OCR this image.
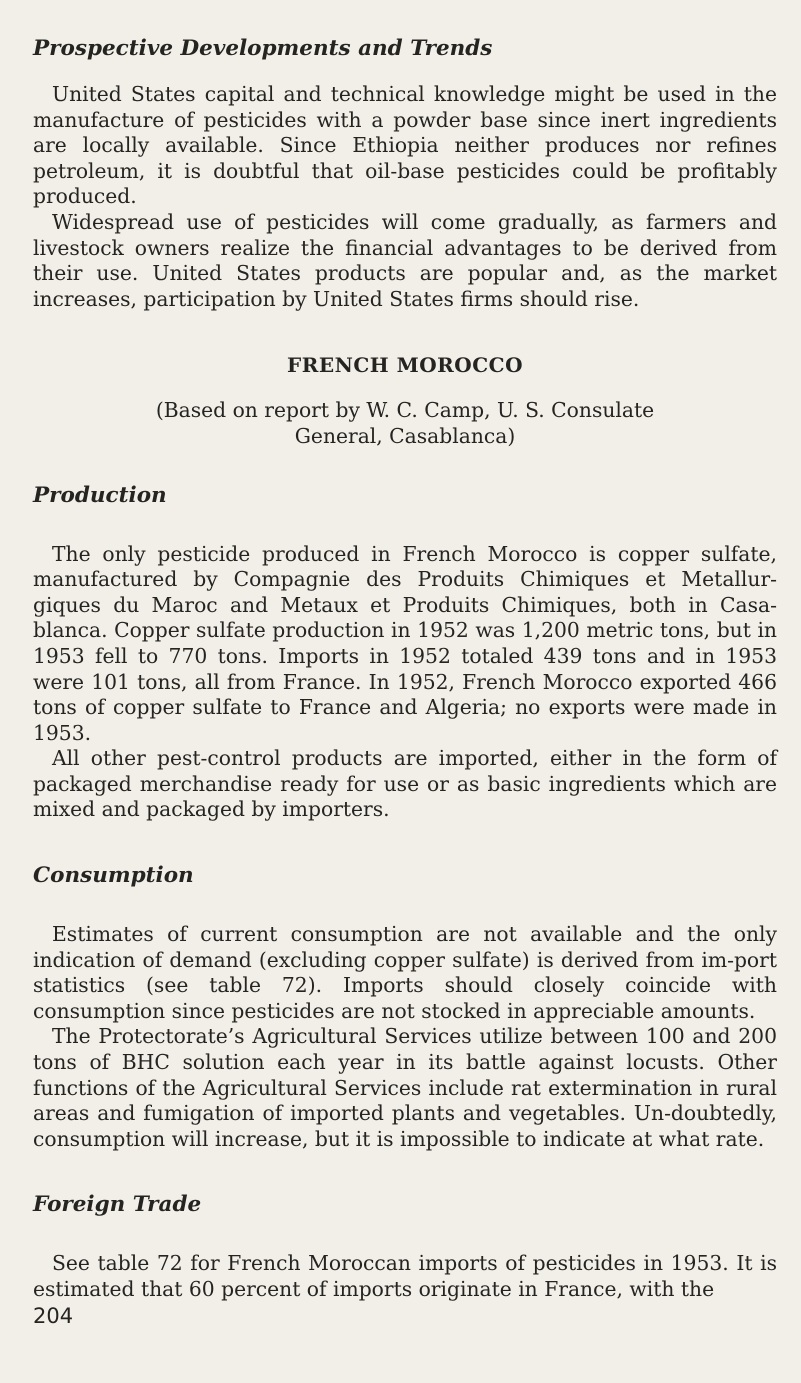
Prospective Developments and Trends

United States capital and technical knowledge might be used in the manufacture of pesticides with a powder base since inert ingredients are locally available. Since Ethiopia neither produces nor refines petroleum, it is doubtful that oil-base pesticides could be profitably produced.

Widespread use of pesticides will come gradually, as farmers and livestock owners realize the financial advantages to be derived from their use. United States products are popular and, as the market increases, participation by United States firms should rise.

FRENCH MOROCCO

(Based on report by W. C. Camp, U. S. Consulate

General, Casablanca)

Production

The only pesticide produced in French Morocco is copper sulfate, manufactured by Compagnie des Produits Chimiques et Metallur-giques du Maroc and Metaux et Produits Chimiques, both in Casa-blanca. Copper sulfate production in 1952 was 1,200 metric tons, but in 1953 fell to 770 tons. Imports in 1952 totaled 439 tons and in 1953 were 101 tons, all from France. In 1952, French Morocco exported 466 tons of copper sulfate to France and Algeria; no exports were made in 1953.

All other pest-control products are imported, either in the form of packaged merchandise ready for use or as basic ingredients which are mixed and packaged by importers.

Consumption

Estimates of current consumption are not available and the only indication of demand (excluding copper sulfate) is derived from im-port statistics (see table 72). Imports should closely coincide with consumption since pesticides are not stocked in appreciable amounts.

The Protectorate’s Agricultural Services utilize between 100 and 200 tons of BHC solution each year in its battle against locusts. Other functions of the Agricultural Services include rat extermination in rural areas and fumigation of imported plants and vegetables. Un-doubtedly, consumption will increase, but it is impossible to indicate at what rate.

Foreign Trade

See table 72 for French Moroccan imports of pesticides in 1953. It is estimated that 60 percent of imports originate in France, with the

204
